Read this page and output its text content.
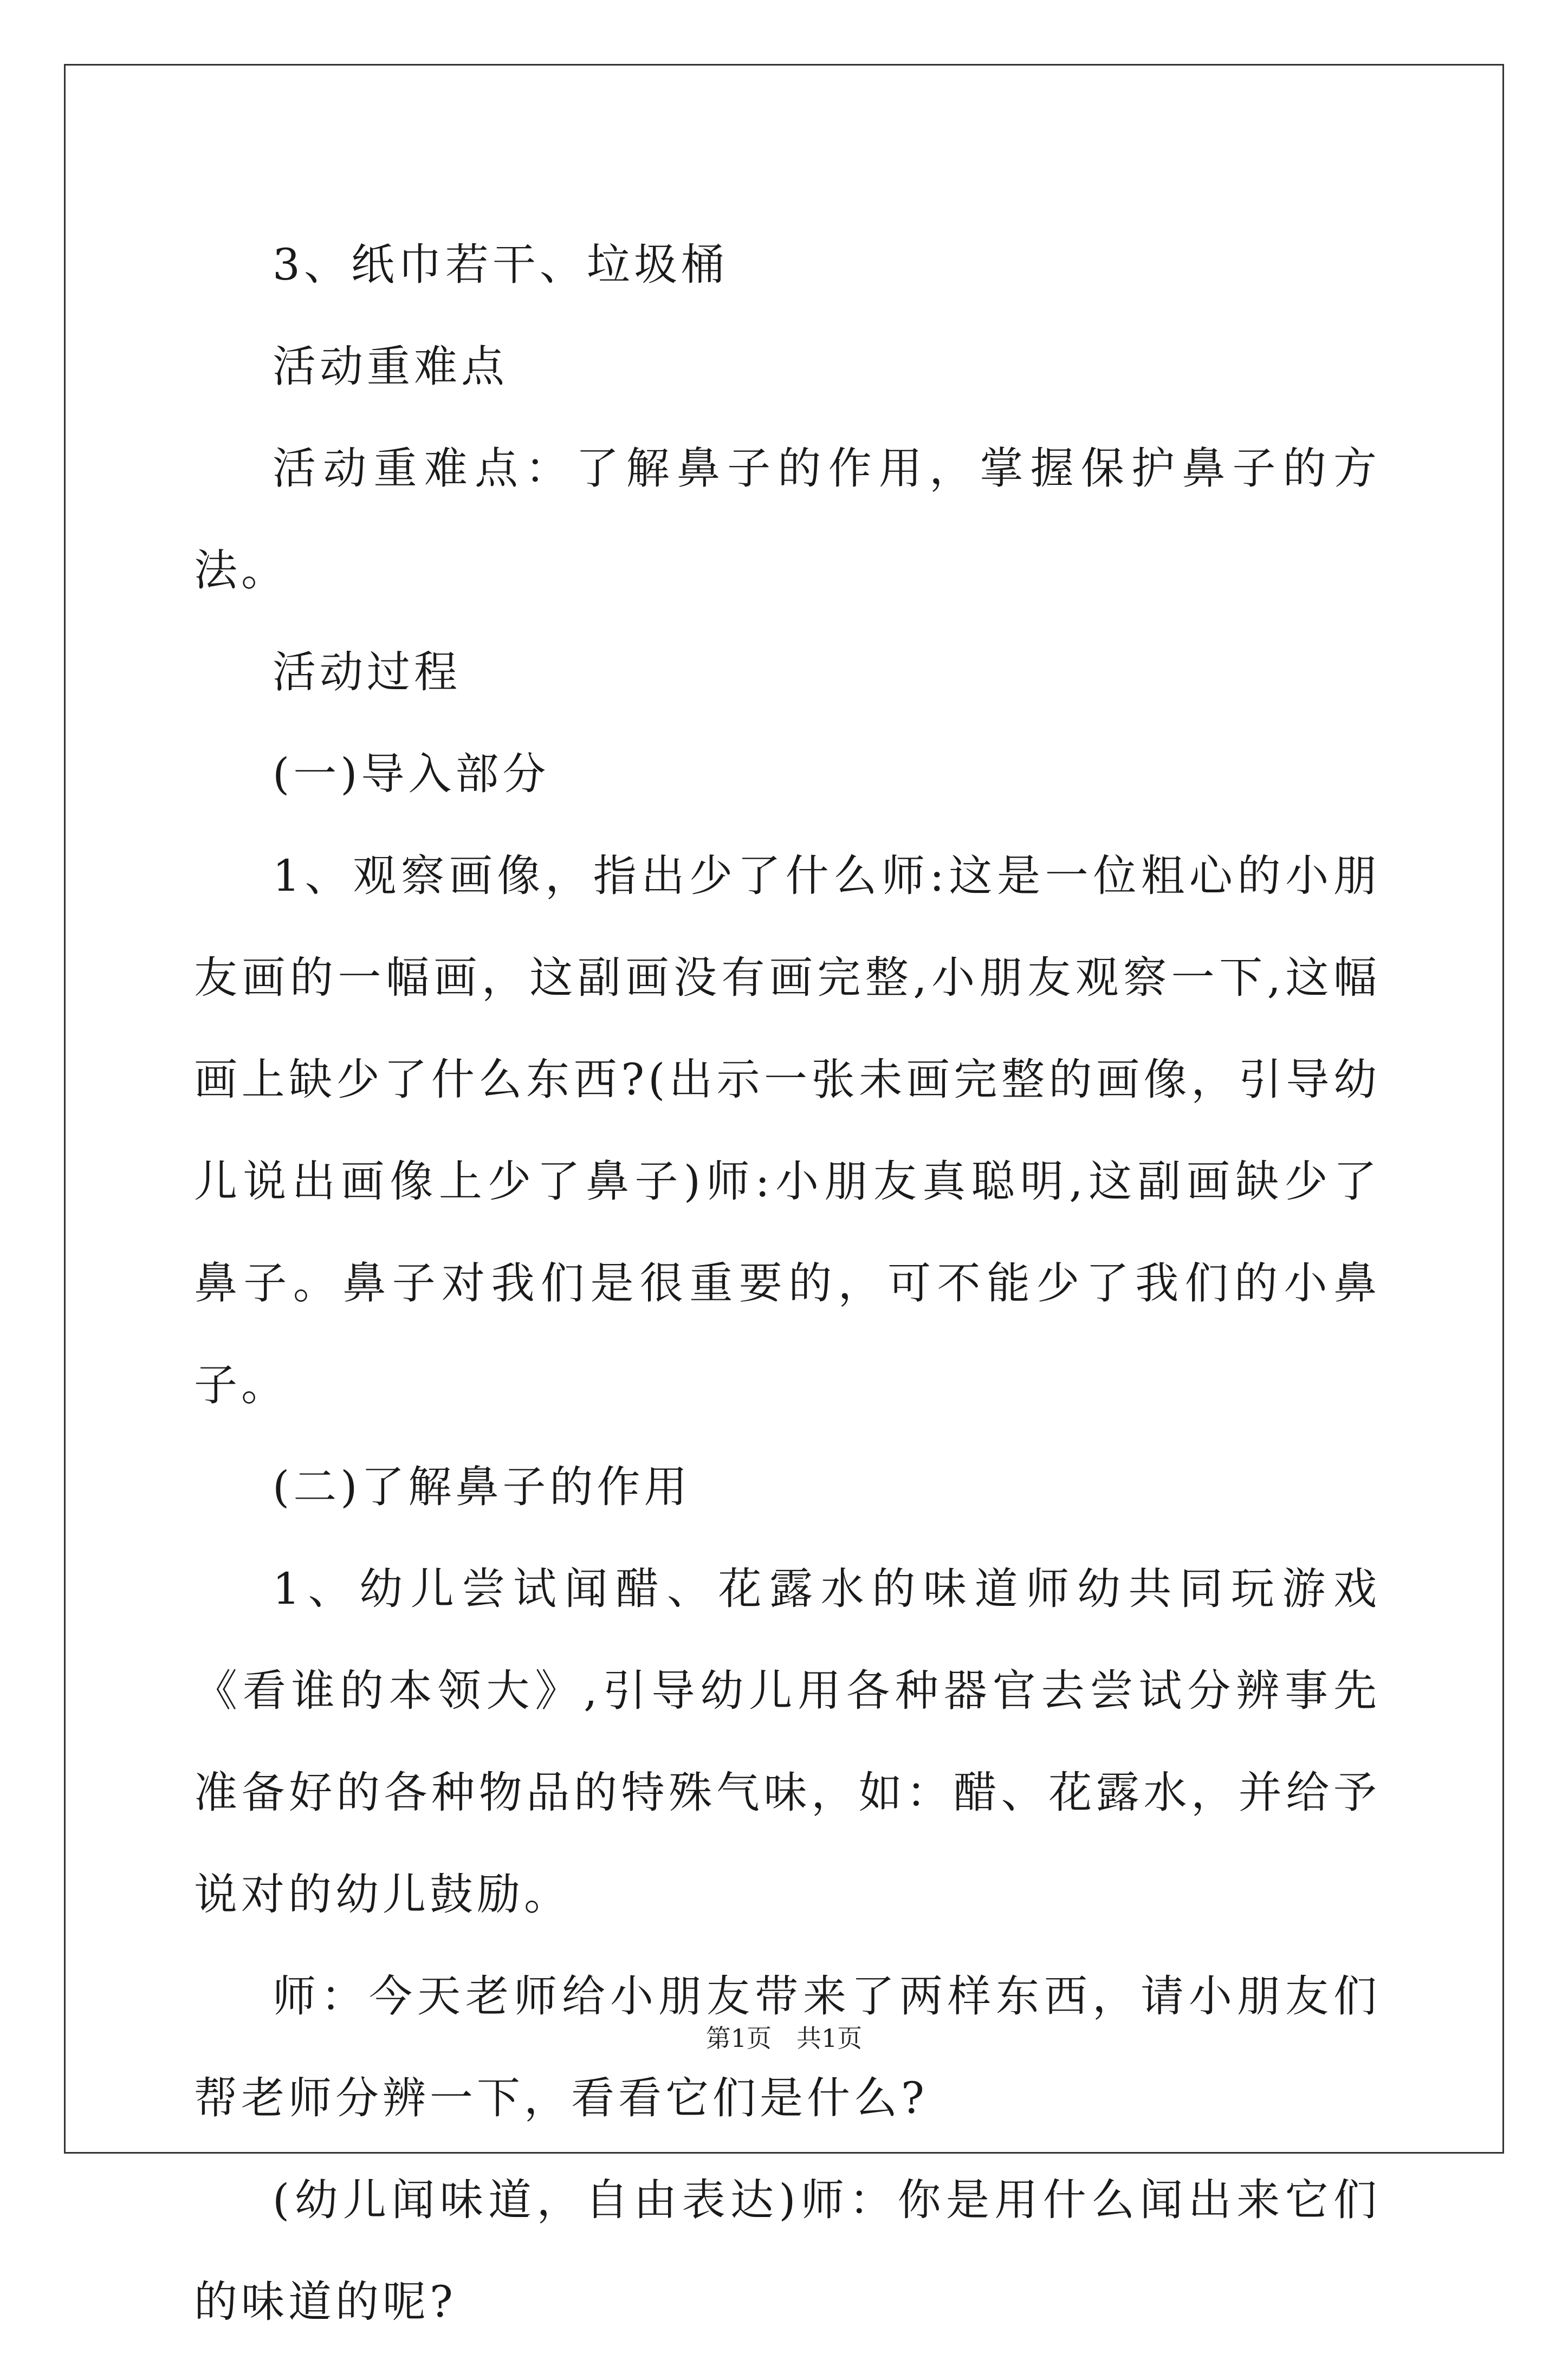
3、纸巾若干、垃圾桶

活动重难点

活动重难点：了解鼻子的作用，掌握保护鼻子的方法。

活动过程

(一)导入部分

1、观察画像，指出少了什么师:这是一位粗心的小朋友画的一幅画，这副画没有画完整,小朋友观察一下,这幅画上缺少了什么东西?(出示一张未画完整的画像，引导幼儿说出画像上少了鼻子)师:小朋友真聪明,这副画缺少了鼻子。鼻子对我们是很重要的，可不能少了我们的小鼻子。

(二)了解鼻子的作用

1、幼儿尝试闻醋、花露水的味道师幼共同玩游戏《看谁的本领大》,引导幼儿用各种器官去尝试分辨事先准备好的各种物品的特殊气味，如：醋、花露水，并给予说对的幼儿鼓励。

师：今天老师给小朋友带来了两样东西，请小朋友们帮老师分辨一下，看看它们是什么?

(幼儿闻味道，自由表达)师：你是用什么闻出来它们的味道的呢?

第1页　共1页
